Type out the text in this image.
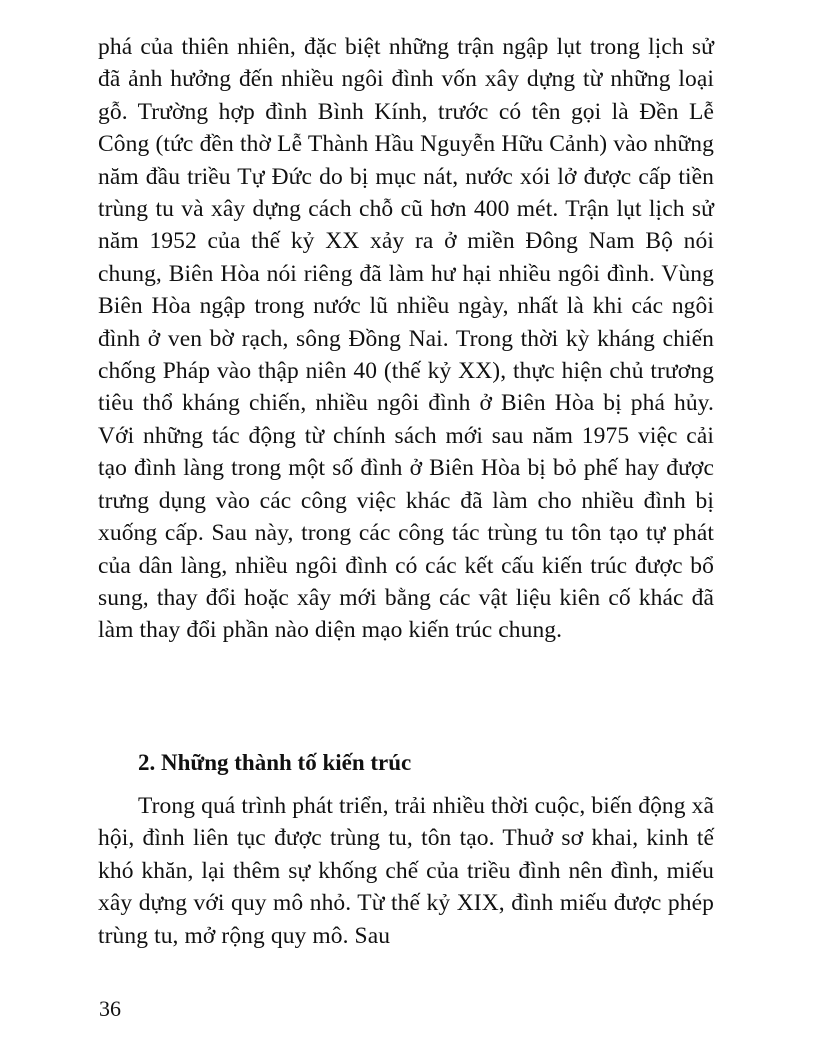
phá của thiên nhiên, đặc biệt những trận ngập lụt trong lịch sử đã ảnh hưởng đến nhiều ngôi đình vốn xây dựng từ những loại gỗ. Trường hợp đình Bình Kính, trước có tên gọi là Đền Lễ Công (tức đền thờ Lễ Thành Hầu Nguyễn Hữu Cảnh) vào những năm đầu triều Tự Đức do bị mục nát, nước xói lở được cấp tiền trùng tu và xây dựng cách chỗ cũ hơn 400 mét. Trận lụt lịch sử năm 1952 của thế kỷ XX xảy ra ở miền Đông Nam Bộ nói chung, Biên Hòa nói riêng đã làm hư hại nhiều ngôi đình. Vùng Biên Hòa ngập trong nước lũ nhiều ngày, nhất là khi các ngôi đình ở ven bờ rạch, sông Đồng Nai. Trong thời kỳ kháng chiến chống Pháp vào thập niên 40 (thế kỷ XX), thực hiện chủ trương tiêu thổ kháng chiến, nhiều ngôi đình ở Biên Hòa bị phá hủy. Với những tác động từ chính sách mới sau năm 1975 việc cải tạo đình làng trong một số đình ở Biên Hòa bị bỏ phế hay được trưng dụng vào các công việc khác đã làm cho nhiều đình bị xuống cấp. Sau này, trong các công tác trùng tu tôn tạo tự phát của dân làng, nhiều ngôi đình có các kết cấu kiến trúc được bổ sung, thay đổi hoặc xây mới bằng các vật liệu kiên cố khác đã làm thay đổi phần nào diện mạo kiến trúc chung.

2. Những thành tố kiến trúc

Trong quá trình phát triển, trải nhiều thời cuộc, biến động xã hội, đình liên tục được trùng tu, tôn tạo. Thuở sơ khai, kinh tế khó khăn, lại thêm sự khống chế của triều đình nên đình, miếu xây dựng với quy mô nhỏ. Từ thế kỷ XIX, đình miếu được phép trùng tu, mở rộng quy mô. Sau

36
